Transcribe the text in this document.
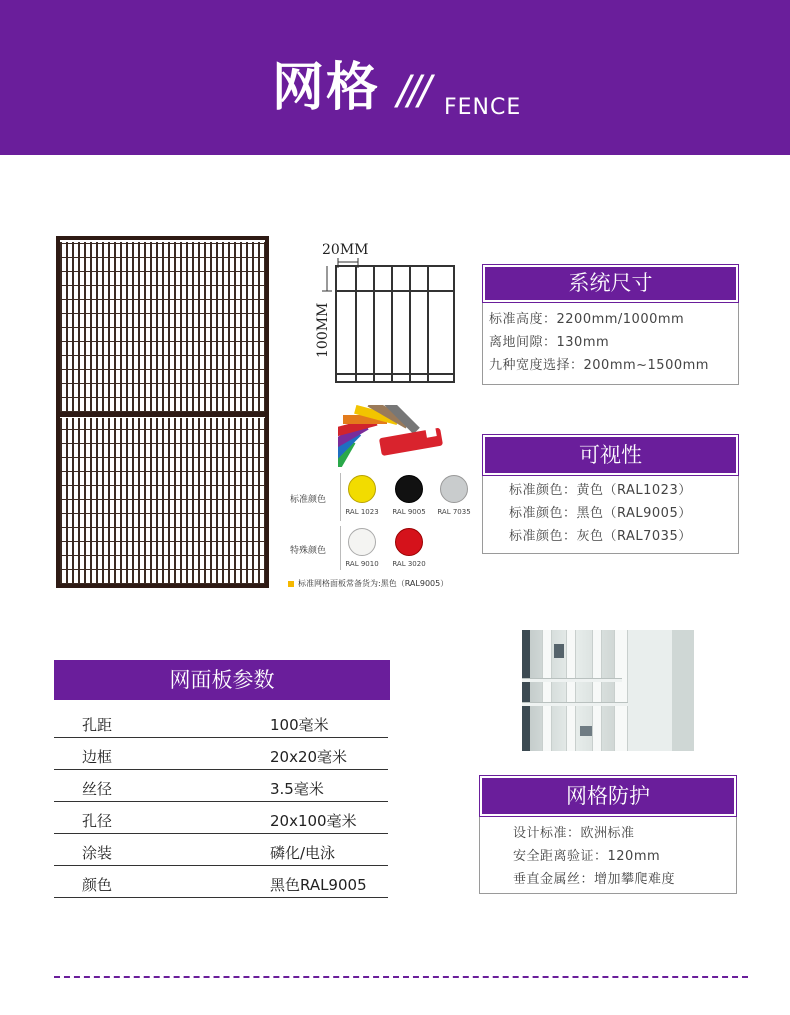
网格 /// FENCE
20MM
100MM
标准颜色
RAL 1023	RAL 9005	RAL 7035
特殊颜色
RAL 9010	RAL 3020
标准网格面板常备货为:黑色（RAL9005）
系统尺寸
标准高度：2200mm/1000mm
离地间隙：130mm
九种宽度选择：200mm~1500mm
可视性
标准颜色：黄色（RAL1023）
标准颜色：黑色（RAL9005）
标准颜色：灰色（RAL7035）
网面板参数
孔距	100毫米
边框	20x20毫米
丝径	3.5毫米
孔径	20x100毫米
涂装	磷化/电泳
颜色	黑色RAL9005
网格防护
设计标准：欧洲标准
安全距离验证：120mm
垂直金属丝：增加攀爬难度
